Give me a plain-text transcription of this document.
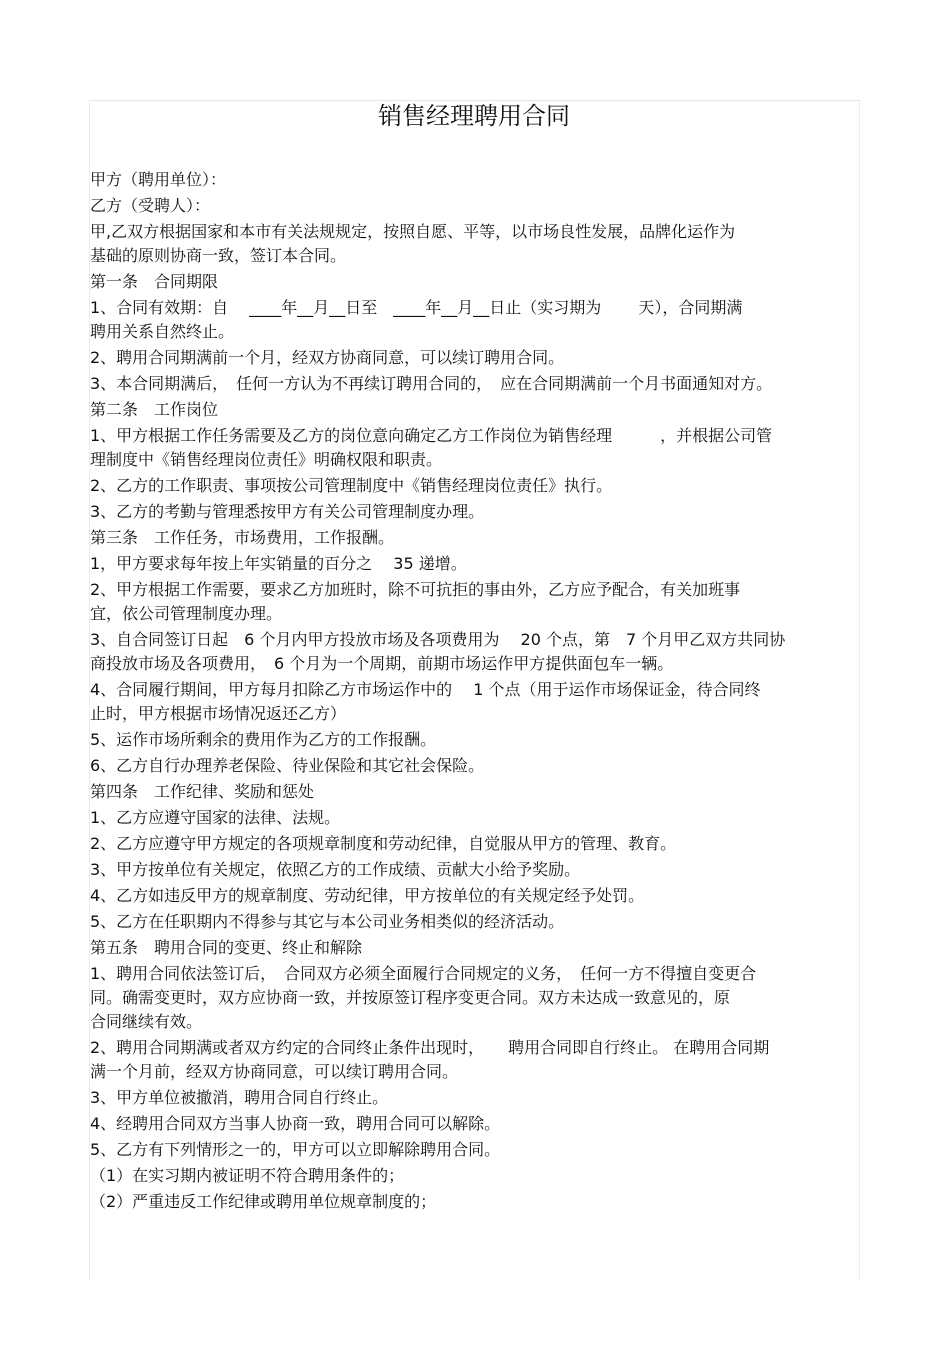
销售经理聘用合同
甲方（聘用单位）：
乙方（受聘人）：
甲,乙双方根据国家和本市有关法规规定，按照自愿、平等，以市场良性发展，品牌化运作为
基础的原则协商一致，签订本合同。
第一条　合同期限
1、合同有效期：自　 ____年__月__日至　____年__月__日止（实习期为　　 天），合同期满
聘用关系自然终止。
2、聘用合同期满前一个月，经双方协商同意，可以续订聘用合同。
3、本合同期满后，　任何一方认为不再续订聘用合同的，　应在合同期满前一个月书面通知对方。
第二条　工作岗位
1、甲方根据工作任务需要及乙方的岗位意向确定乙方工作岗位为销售经理　　　，并根据公司管
理制度中《销售经理岗位责任》明确权限和职责。
2、乙方的工作职责、事项按公司管理制度中《销售经理岗位责任》执行。
3、乙方的考勤与管理悉按甲方有关公司管理制度办理。
第三条　工作任务，市场费用，工作报酬。
1，甲方要求每年按上年实销量的百分之　 35 递增。
2、甲方根据工作需要，要求乙方加班时，除不可抗拒的事由外，乙方应予配合，有关加班事
宜，依公司管理制度办理。
3、自合同签订日起　6 个月内甲方投放市场及各项费用为　 20 个点，第　7 个月甲乙双方共同协
商投放市场及各项费用，　6 个月为一个周期，前期市场运作甲方提供面包车一辆。
4、合同履行期间，甲方每月扣除乙方市场运作中的　 1 个点（用于运作市场保证金，待合同终
止时，甲方根据市场情况返还乙方）
5、运作市场所剩余的费用作为乙方的工作报酬。
6、乙方自行办理养老保险、待业保险和其它社会保险。
第四条　工作纪律、奖励和惩处
1、乙方应遵守国家的法律、法规。
2、乙方应遵守甲方规定的各项规章制度和劳动纪律，自觉服从甲方的管理、教育。
3、甲方按单位有关规定，依照乙方的工作成绩、贡献大小给予奖励。
4、乙方如违反甲方的规章制度、劳动纪律，甲方按单位的有关规定经予处罚。
5、乙方在任职期内不得参与其它与本公司业务相类似的经济活动。
第五条　聘用合同的变更、终止和解除
1、聘用合同依法签订后，　合同双方必须全面履行合同规定的义务，　任何一方不得擅自变更合
同。确需变更时，双方应协商一致，并按原签订程序变更合同。双方未达成一致意见的，原
合同继续有效。
2、聘用合同期满或者双方约定的合同终止条件出现时，　　聘用合同即自行终止。 在聘用合同期
满一个月前，经双方协商同意，可以续订聘用合同。
3、甲方单位被撤消，聘用合同自行终止。
4、经聘用合同双方当事人协商一致，聘用合同可以解除。
5、乙方有下列情形之一的，甲方可以立即解除聘用合同。
（1）在实习期内被证明不符合聘用条件的；
（2）严重违反工作纪律或聘用单位规章制度的；
